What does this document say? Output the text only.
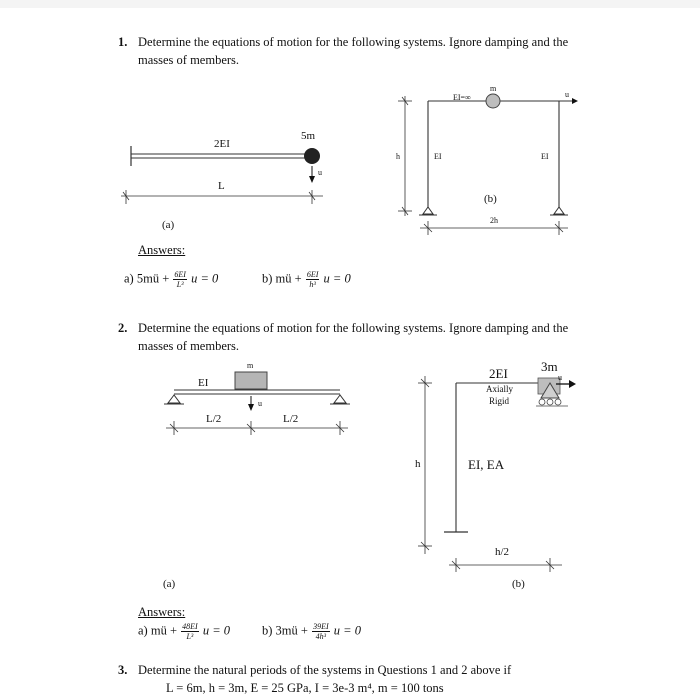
1. Determine the equations of motion for the following systems. Ignore damping and the
masses of members.
2EI
5m
u
L
(a)
EI=∞
m
u
h	EI	EI
(b)
2h
Answers:
a) 5mü + $\frac{6EI}{\text{L³}}$ u = 0	b) mü + $\frac{6EI}{\text{h³}}$ u = 0
2. Determine the equations of motion for the following systems. Ignore damping and the
masses of members.
m
EI
u
L/2	L/2
(a)
2EI
Axially
Rigid
3m
u
h	EI, EA
h/2
(b)
Answers:
a) mü + $\frac{48EI}{\text{L³}}$ u = 0	b) 3mü + $\frac{39EI}{\text{4h³}}$ u = 0
3. Determine the natural periods of the systems in Questions 1 and 2 above if
L = 6m, h = 3m, E = 25 GPa, I = 3e-3 m⁴, m = 100 tons
